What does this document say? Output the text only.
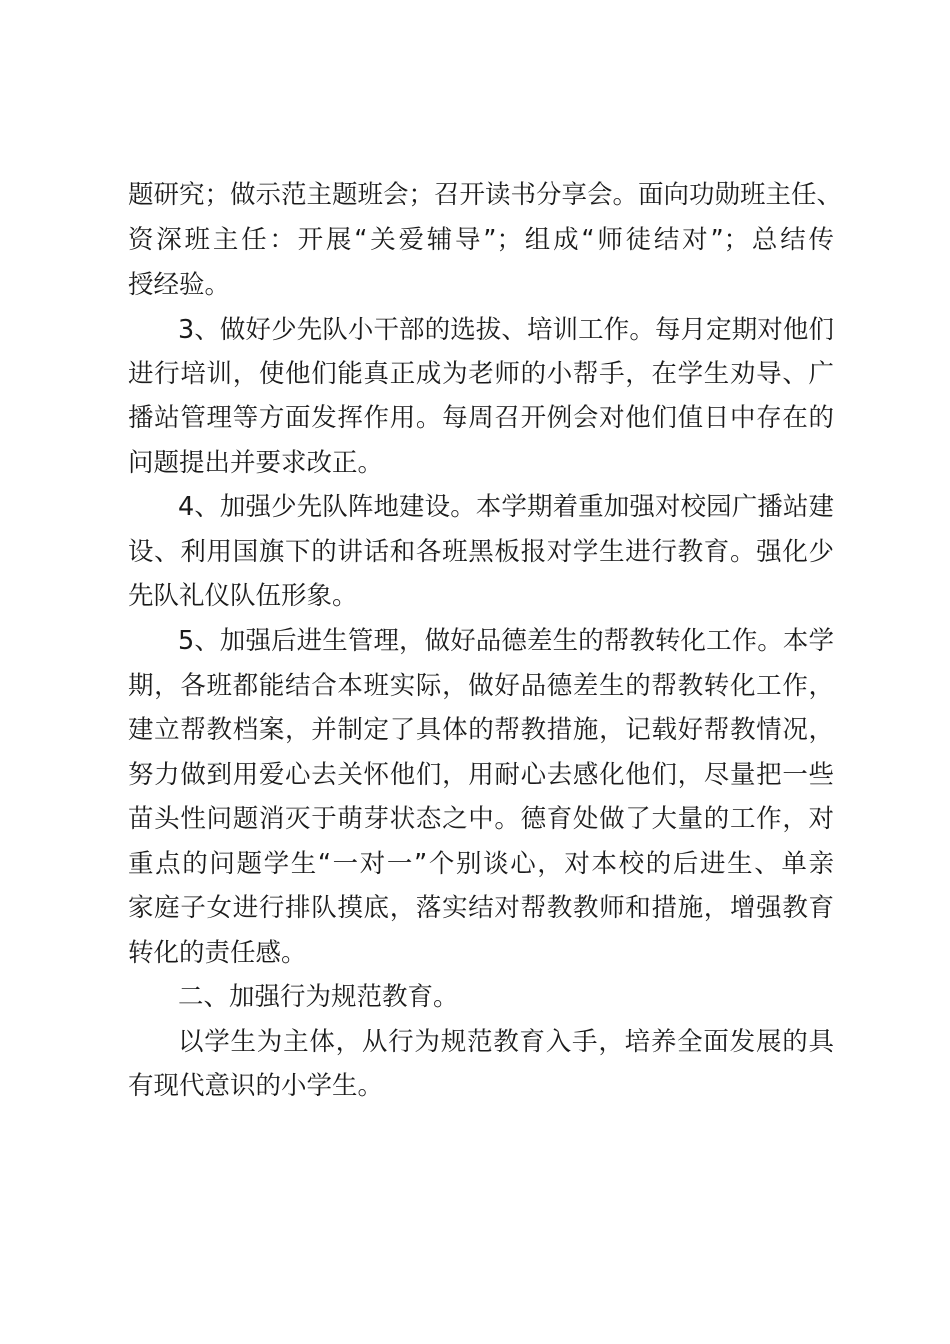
题研究；做示范主题班会；召开读书分享会。面向功勋班主任、
资深班主任：开展“关爱辅导”；组成“师徒结对”；总结传
授经验。
3、做好少先队小干部的选拔、培训工作。每月定期对他们
进行培训，使他们能真正成为老师的小帮手，在学生劝导、广
播站管理等方面发挥作用。每周召开例会对他们值日中存在的
问题提出并要求改正。
4、加强少先队阵地建设。本学期着重加强对校园广播站建
设、利用国旗下的讲话和各班黑板报对学生进行教育。强化少
先队礼仪队伍形象。
5、加强后进生管理，做好品德差生的帮教转化工作。本学
期，各班都能结合本班实际，做好品德差生的帮教转化工作，
建立帮教档案，并制定了具体的帮教措施，记载好帮教情况，
努力做到用爱心去关怀他们，用耐心去感化他们，尽量把一些
苗头性问题消灭于萌芽状态之中。德育处做了大量的工作，对
重点的问题学生“一对一”个别谈心，对本校的后进生、单亲
家庭子女进行排队摸底，落实结对帮教教师和措施，增强教育
转化的责任感。
二、加强行为规范教育。
以学生为主体，从行为规范教育入手，培养全面发展的具
有现代意识的小学生。
